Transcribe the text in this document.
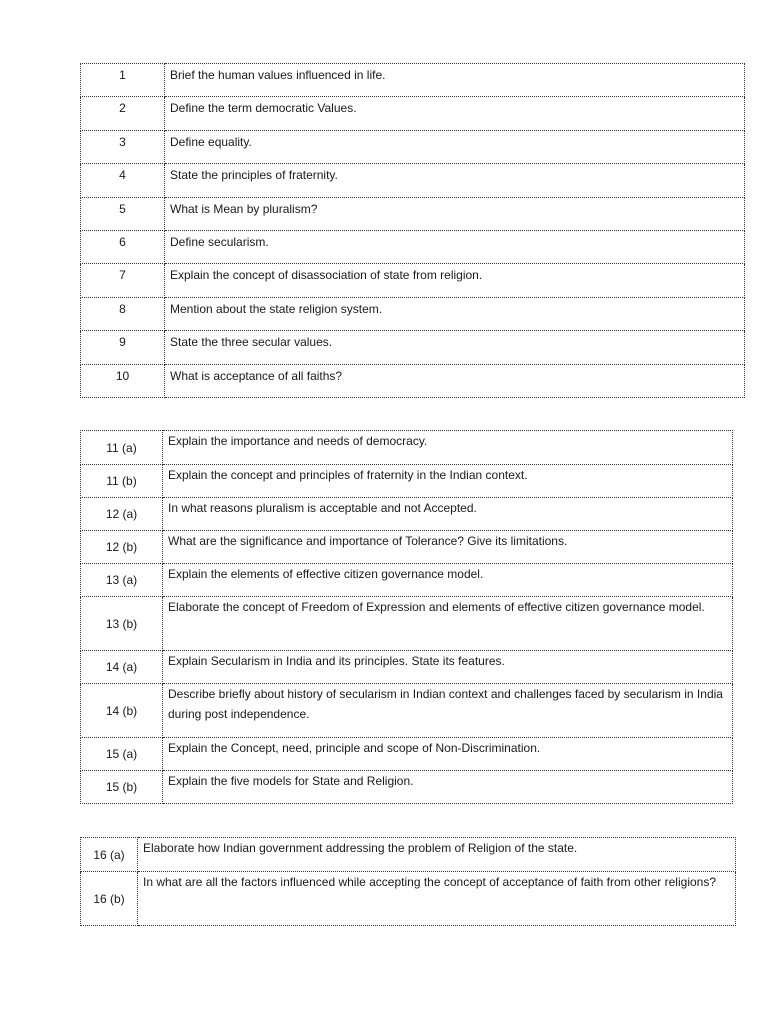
1	Brief the human values influenced in life.
2	Define the term democratic Values.
3	Define equality.
4	State the principles of fraternity.
5	What is Mean by pluralism?
6	Define secularism.
7	Explain the concept of disassociation of state from religion.
8	Mention about the state religion system.
9	State the three secular values.
10	What is acceptance of all faiths?
11 (a)	Explain the importance and needs of democracy.
11 (b)	Explain the concept and principles of fraternity in the Indian context.
12 (a)	In what reasons pluralism is acceptable and not Accepted.
12 (b)	What are the significance and importance of Tolerance? Give its limitations.
13 (a)	Explain the elements of effective citizen governance model.
13 (b)	Elaborate the concept of Freedom of Expression and elements of effective citizen governance model.
14 (a)	Explain Secularism in India and its principles. State its features.
14 (b)	Describe briefly about history of secularism in Indian context and challenges faced by secularism in India during post independence.
15 (a)	Explain the Concept, need, principle and scope of Non-Discrimination.
15 (b)	Explain the five models for State and Religion.
16 (a)	Elaborate how Indian government addressing the problem of Religion of the state.
16 (b)	In what are all the factors influenced while accepting the concept of acceptance of faith from other religions?
